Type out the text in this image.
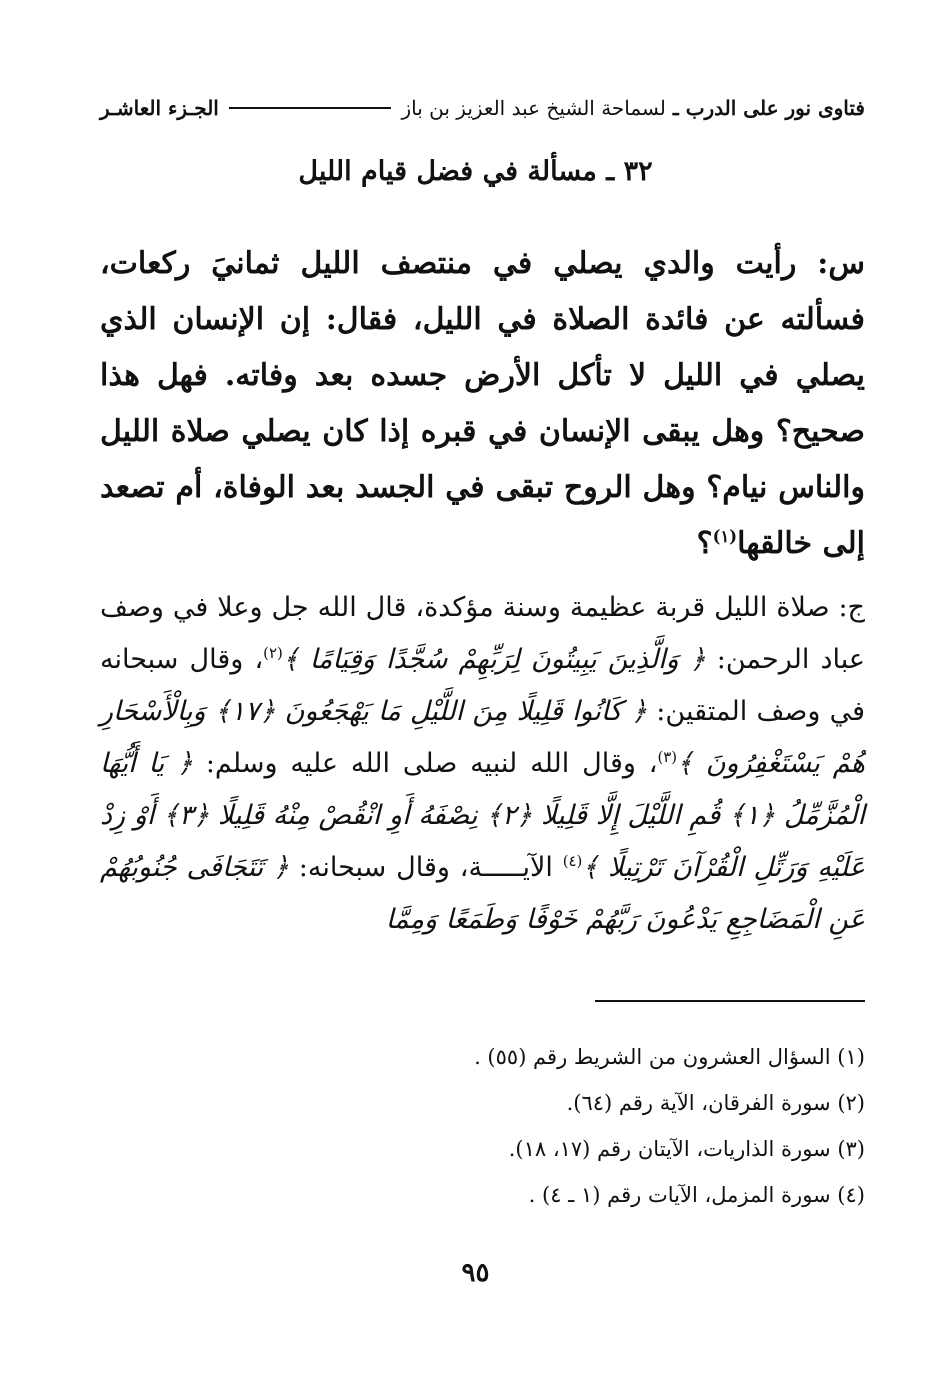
فتاوى نور على الدرب ـ لسماحة الشيخ عبد العزيز بن باز
الجـزء العاشـر
٣٢ ـ مسألة في فضل قيام الليل
س: رأيت والدي يصلي في منتصف الليل ثمانيَ ركعات، فسألته عن فائدة الصلاة في الليل، فقال: إن الإنسان الذي يصلي في الليل لا تأكل الأرض جسده بعد وفاته. فهل هذا صحيح؟ وهل يبقى الإنسان في قبره إذا كان يصلي صلاة الليل والناس نيام؟ وهل الروح تبقى في الجسد بعد الوفاة، أم تصعد إلى خالقها$^{(١)}$؟
ج: صلاة الليل قربة عظيمة وسنة مؤكدة، قال الله جل وعلا في وصف عباد الرحمن: ﴿ وَالَّذِينَ يَبِيتُونَ لِرَبِّهِمْ سُجَّدًا وَقِيَامًا ﴾$^{(٢)}$، وقال سبحانه في وصف المتقين: ﴿ كَانُوا قَلِيلًا مِنَ اللَّيْلِ مَا يَهْجَعُونَ ﴿١٧﴾ وَبِالْأَسْحَارِ هُمْ يَسْتَغْفِرُونَ ﴾$^{(٣)}$، وقال الله لنبيه صلى الله عليه وسلم: ﴿ يَا أَيُّهَا الْمُزَّمِّلُ ﴿١﴾ قُمِ اللَّيْلَ إِلَّا قَلِيلًا ﴿٢﴾ نِصْفَهُ أَوِ انْقُصْ مِنْهُ قَلِيلًا ﴿٣﴾ أَوْ زِدْ عَلَيْهِ وَرَتِّلِ الْقُرْآنَ تَرْتِيلًا ﴾$^{(٤)}$ الآيـــــة، وقال سبحانه: ﴿ تَتَجَافَى جُنُوبُهُمْ عَنِ الْمَضَاجِعِ يَدْعُونَ رَبَّهُمْ خَوْفًا وَطَمَعًا وَمِمَّا
(١) السؤال العشرون من الشريط رقم (٥٥) .
(٢) سورة الفرقان، الآية رقم (٦٤).
(٣) سورة الذاريات، الآيتان رقم (١٧، ١٨).
(٤) سورة المزمل، الآيات رقم (١ ـ ٤) .
٩٥
